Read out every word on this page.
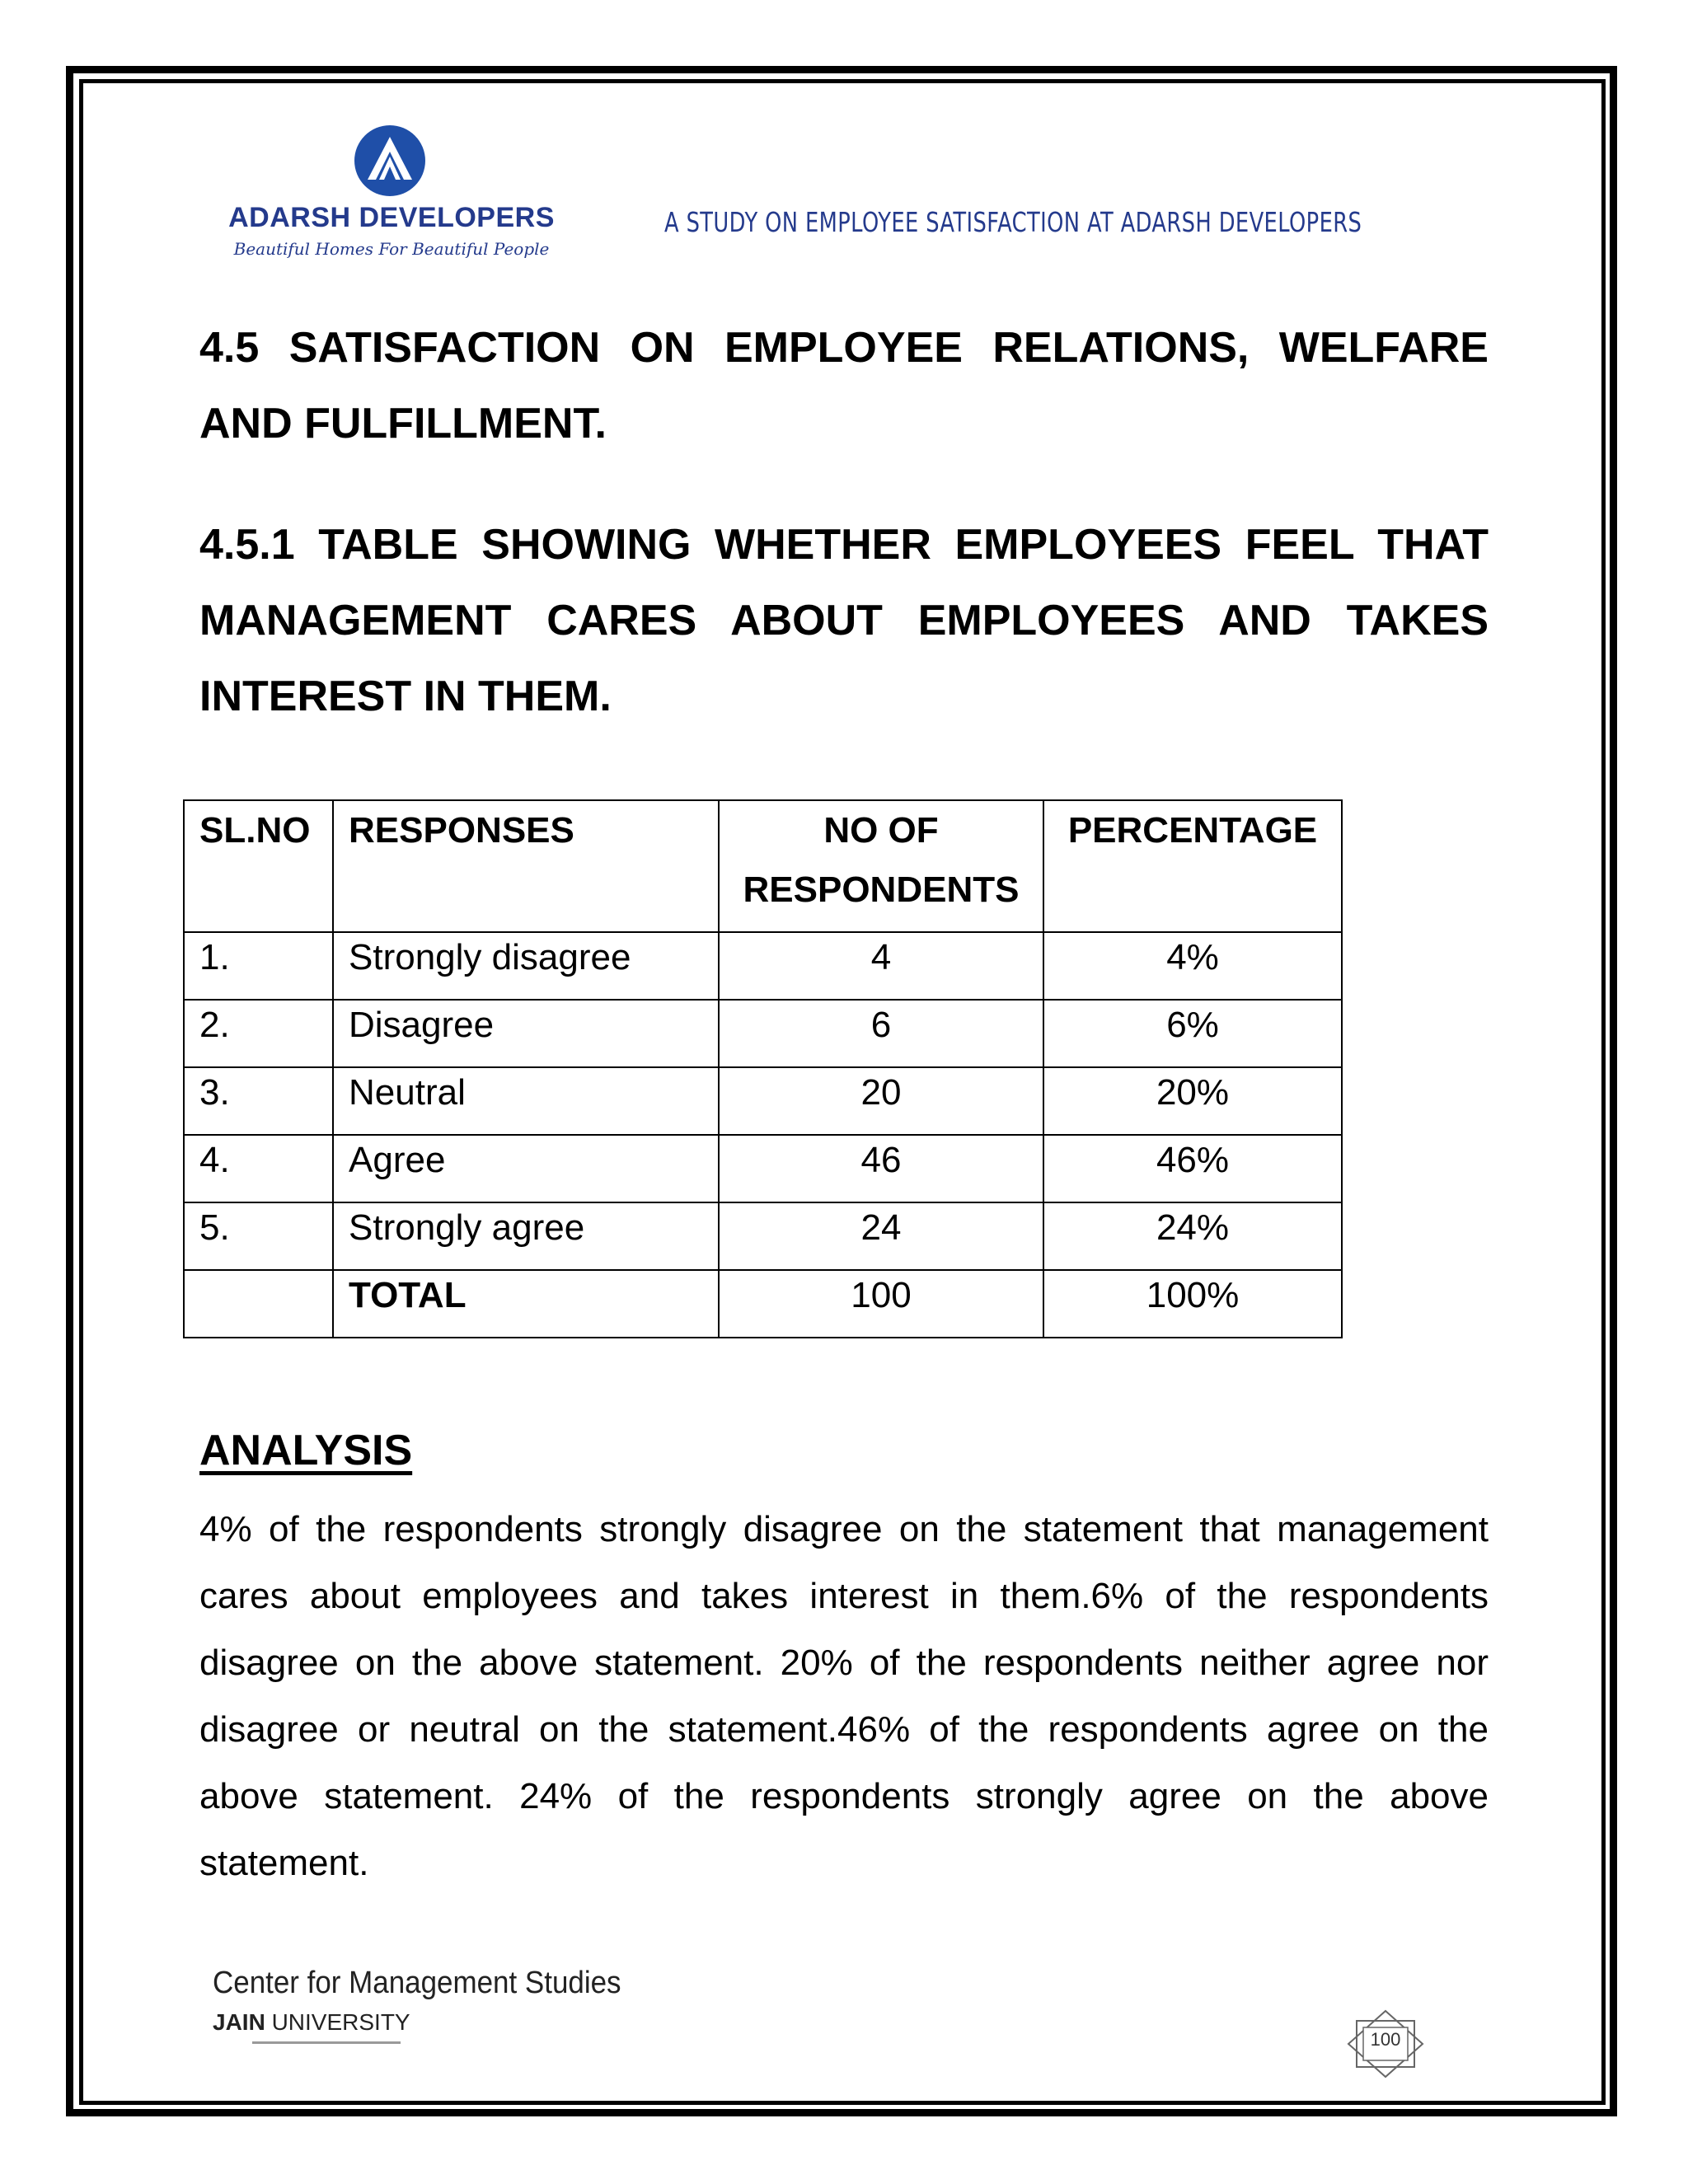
ADARSH DEVELOPERS
Beautiful Homes For Beautiful People
A STUDY ON EMPLOYEE SATISFACTION AT ADARSH DEVELOPERS
4.5 SATISFACTION ON EMPLOYEE RELATIONS, WELFARE AND FULFILLMENT.
4.5.1 TABLE SHOWING WHETHER EMPLOYEES FEEL THAT MANAGEMENT CARES ABOUT EMPLOYEES AND TAKES INTEREST IN THEM.
SL.NO	RESPONSES	NO OF RESPONDENTS	PERCENTAGE
1.	Strongly disagree	4	4%
2.	Disagree	6	6%
3.	Neutral	20	20%
4.	Agree	46	46%
5.	Strongly agree	24	24%
	TOTAL	100	100%
ANALYSIS
4% of the respondents strongly disagree on the statement that management cares about employees and takes interest in them.6% of the respondents disagree on the above statement. 20% of the respondents neither agree nor disagree or neutral on the statement.46% of the respondents agree on the above statement. 24% of the respondents strongly agree on the above statement.
Center for Management Studies
JAIN UNIVERSITY
100
